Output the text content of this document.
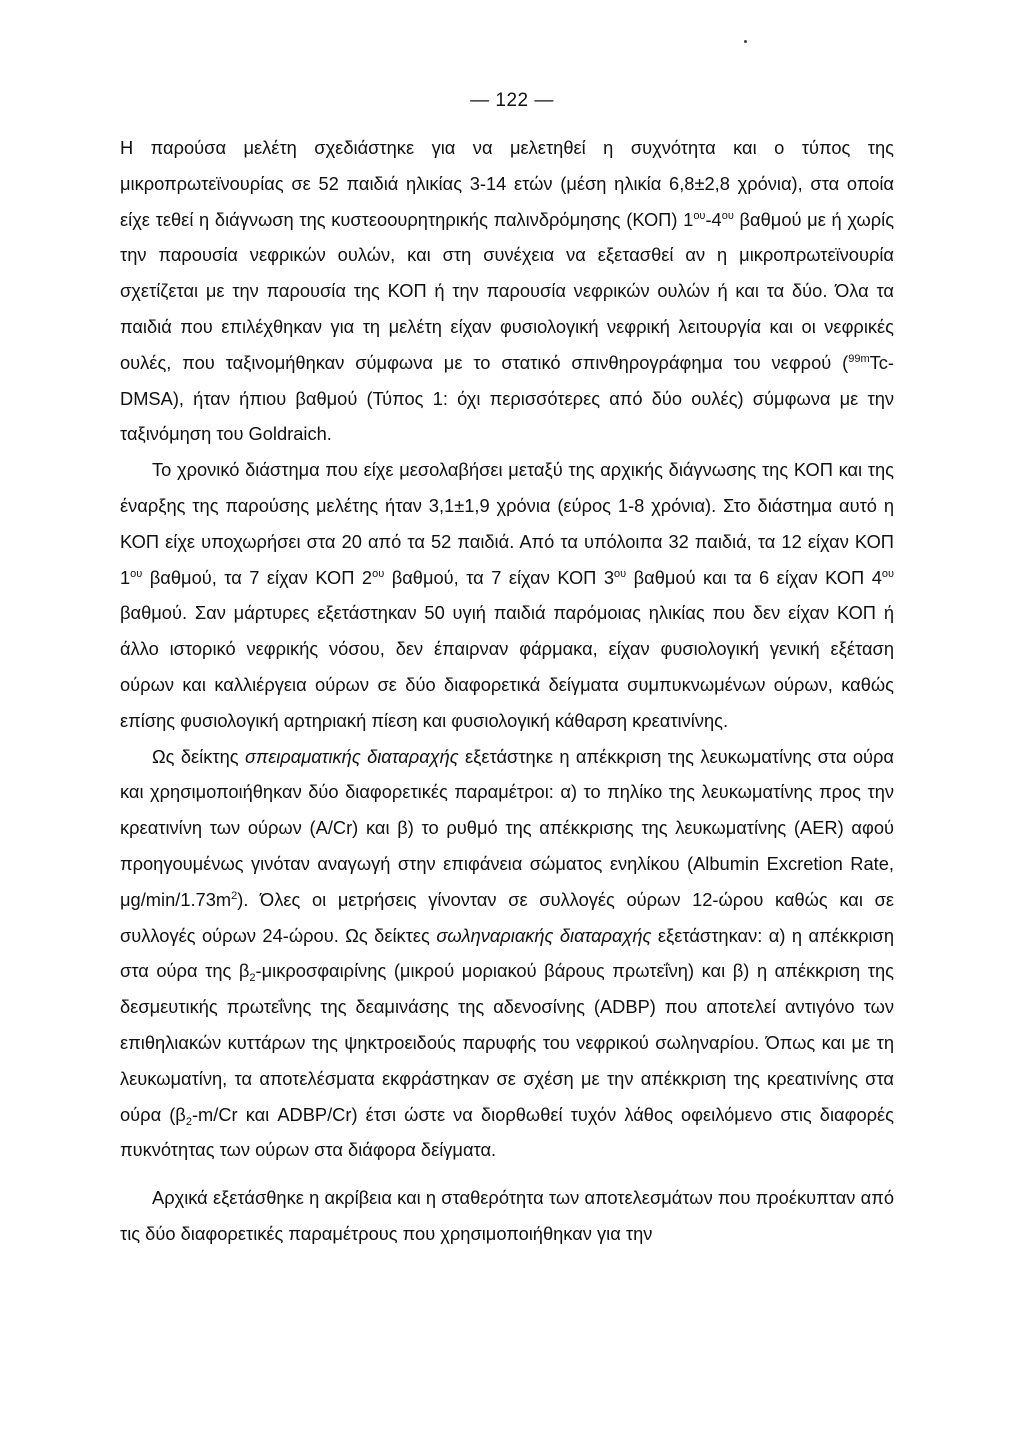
— 122 —

Η παρούσα μελέτη σχεδιάστηκε για να μελετηθεί η συχνότητα και ο τύπος της μικροπρωτεϊνουρίας σε 52 παιδιά ηλικίας 3-14 ετών (μέση ηλικία 6,8±2,8 χρόνια), στα οποία είχε τεθεί η διάγνωση της κυστεοουρητηρικής παλινδρόμησης (ΚΟΠ) $1^{o\upsilon}-4^{o\upsilon}$ βαθμού με ή χωρίς την παρουσία νεφρικών ουλών, και στη συνέχεια να εξετασθεί αν η μικροπρωτεϊνουρία σχετίζεται με την παρουσία της ΚΟΠ ή την παρουσία νεφρικών ουλών ή και τα δύο. Όλα τα παιδιά που επιλέχθηκαν για τη μελέτη είχαν φυσιολογική νεφρική λειτουργία και οι νεφρικές ουλές, που ταξινομήθηκαν σύμφωνα με το στατικό σπινθηρογράφημα του νεφρού ($^{99m}$Tc-DMSA), ήταν ήπιου βαθμού (Τύπος 1: όχι περισσότερες από δύο ουλές) σύμφωνα με την ταξινόμηση του Goldraich.

Το χρονικό διάστημα που είχε μεσολαβήσει μεταξύ της αρχικής διάγνωσης της ΚΟΠ και της έναρξης της παρούσης μελέτης ήταν 3,1±1,9 χρόνια (εύρος 1-8 χρόνια). Στο διάστημα αυτό η ΚΟΠ είχε υποχωρήσει στα 20 από τα 52 παιδιά. Από τα υπόλοιπα 32 παιδιά, τα 12 είχαν ΚΟΠ $1^{o\upsilon}$ βαθμού, τα 7 είχαν ΚΟΠ $2^{o\upsilon}$ βαθμού, τα 7 είχαν ΚΟΠ $3^{o\upsilon}$ βαθμού και τα 6 είχαν ΚΟΠ $4^{o\upsilon}$ βαθμού. Σαν μάρτυρες εξετάστηκαν 50 υγιή παιδιά παρόμοιας ηλικίας που δεν είχαν ΚΟΠ ή άλλο ιστορικό νεφρικής νόσου, δεν έπαιρναν φάρμακα, είχαν φυσιολογική γενική εξέταση ούρων και καλλιέργεια ούρων σε δύο διαφορετικά δείγματα συμπυκνωμένων ούρων, καθώς επίσης φυσιολογική αρτηριακή πίεση και φυσιολογική κάθαρση κρεατινίνης.

Ως δείκτης σπειραματικής διαταραχής εξετάστηκε η απέκκριση της λευκωματίνης στα ούρα και χρησιμοποιήθηκαν δύο διαφορετικές παραμέτροι: α) το πηλίκο της λευκωματίνης προς την κρεατινίνη των ούρων (A/Cr) και β) το ρυθμό της απέκκρισης της λευκωματίνης (AER) αφού προηγουμένως γινόταν αναγωγή στην επιφάνεια σώματος ενηλίκου (Albumin Excretion Rate, $\mu g/\min/1.73m^2$). Όλες οι μετρήσεις γίνονταν σε συλλογές ούρων 12-ώρου καθώς και σε συλλογές ούρων 24-ώρου. Ως δείκτες σωληναριακής διαταραχής εξετάστηκαν: α) η απέκκριση στα ούρα της $\beta_2$-μικροσφαιρίνης (μικρού μοριακού βάρους πρωτεΐνη) και β) η απέκκριση της δεσμευτικής πρωτεΐνης της δεαμινάσης της αδενοσίνης (ADBP) που αποτελεί αντιγόνο των επιθηλιακών κυττάρων της ψηκτροειδούς παρυφής του νεφρικού σωληναρίου. Όπως και με τη λευκωματίνη, τα αποτελέσματα εκφράστηκαν σε σχέση με την απέκκριση της κρεατινίνης στα ούρα ($\beta_2-m/Cr$ και ADBP/Cr) έτσι ώστε να διορθωθεί τυχόν λάθος οφειλόμενο στις διαφορές πυκνότητας των ούρων στα διάφορα δείγματα.

Αρχικά εξετάσθηκε η ακρίβεια και η σταθερότητα των αποτελεσμάτων που προέκυπταν από τις δύο διαφορετικές παραμέτρους που χρησιμοποιήθηκαν για την
